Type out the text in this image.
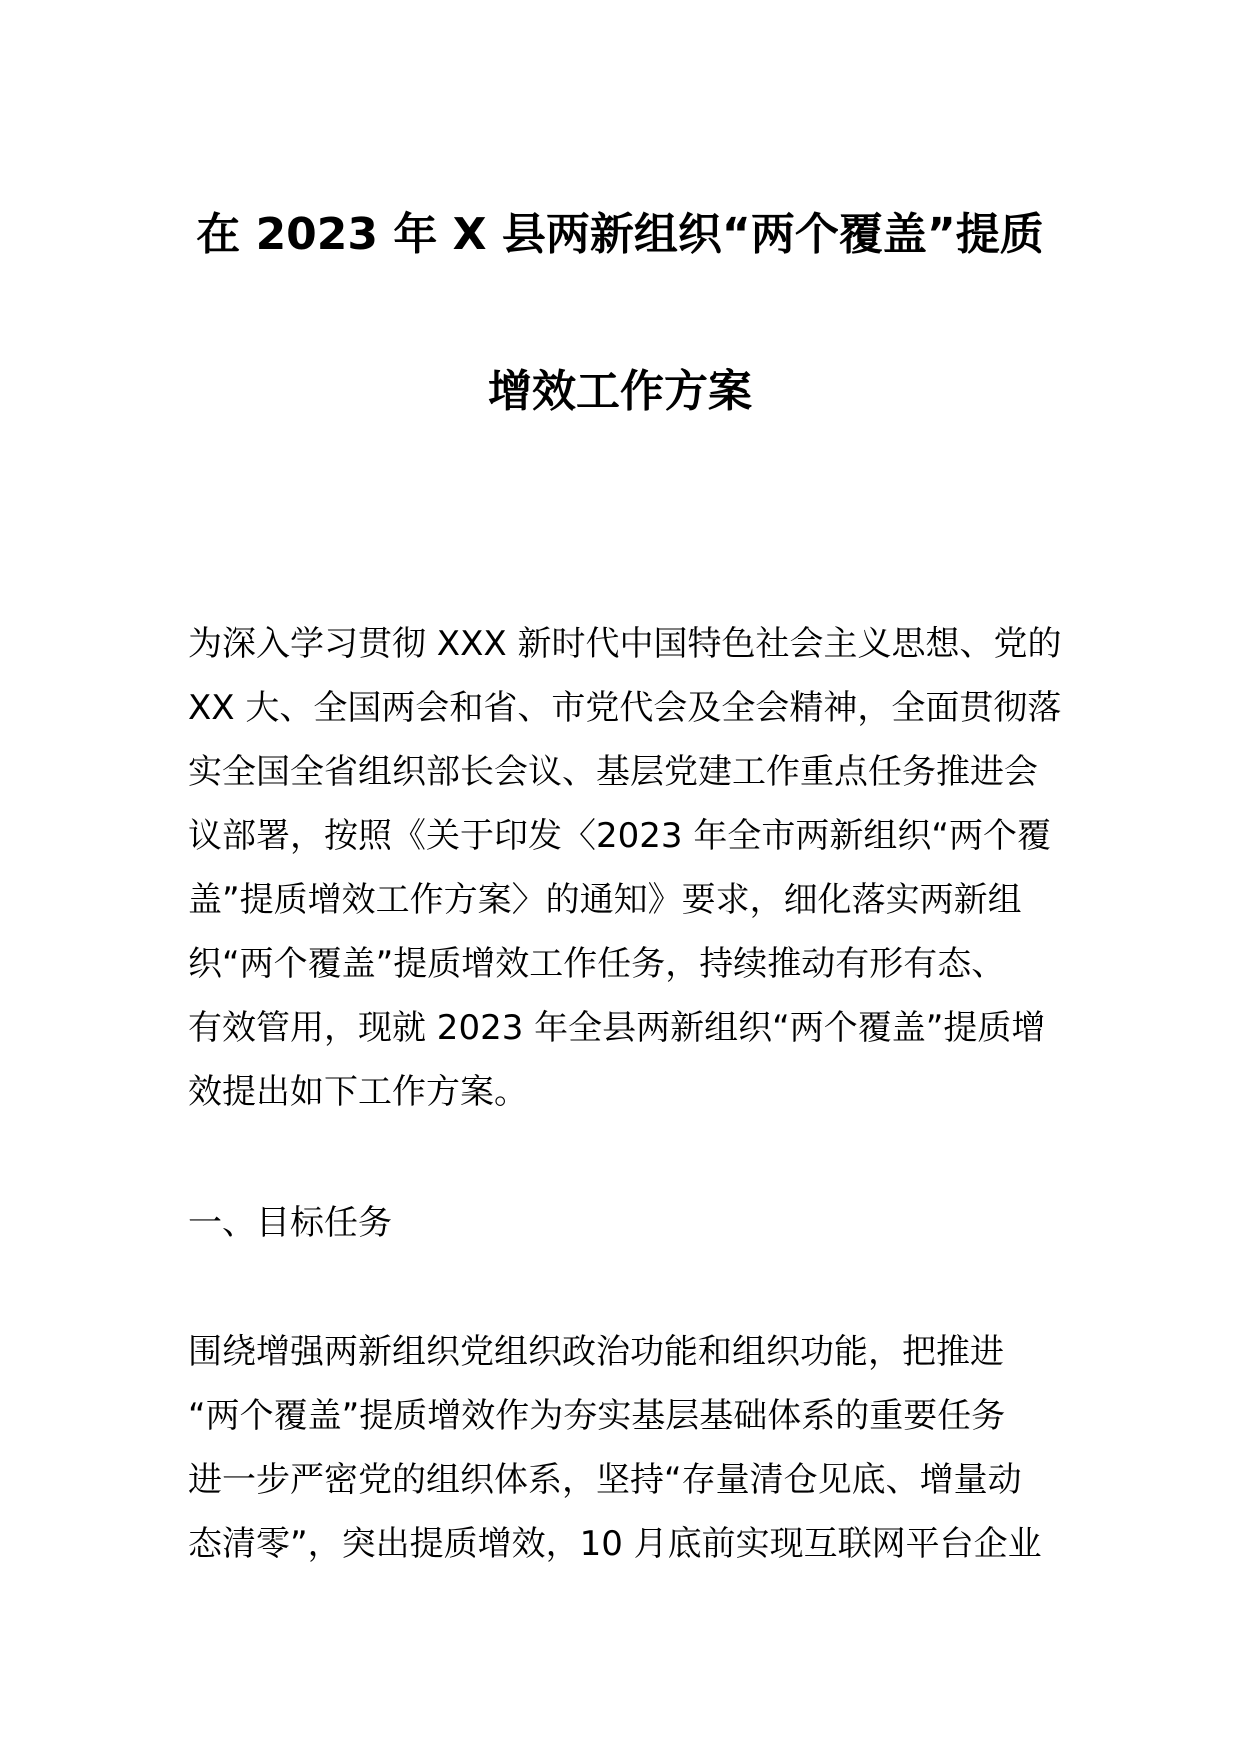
在 2023 年 X 县两新组织“两个覆盖”提质
增效工作方案
为深入学习贯彻 XXX 新时代中国特色社会主义思想、党的
XX 大、全国两会和省、市党代会及全会精神，全面贯彻落
实全国全省组织部长会议、基层党建工作重点任务推进会
议部署，按照《关于印发〈2023 年全市两新组织“两个覆
盖”提质增效工作方案〉的通知》要求，细化落实两新组
织“两个覆盖”提质增效工作任务，持续推动有形有态、
有效管用，现就 2023 年全县两新组织“两个覆盖”提质增
效提出如下工作方案。
一、目标任务
围绕增强两新组织党组织政治功能和组织功能，把推进
“两个覆盖”提质增效作为夯实基层基础体系的重要任务
进一步严密党的组织体系，坚持“存量清仓见底、增量动
态清零”，突出提质增效，10 月底前实现互联网平台企业
